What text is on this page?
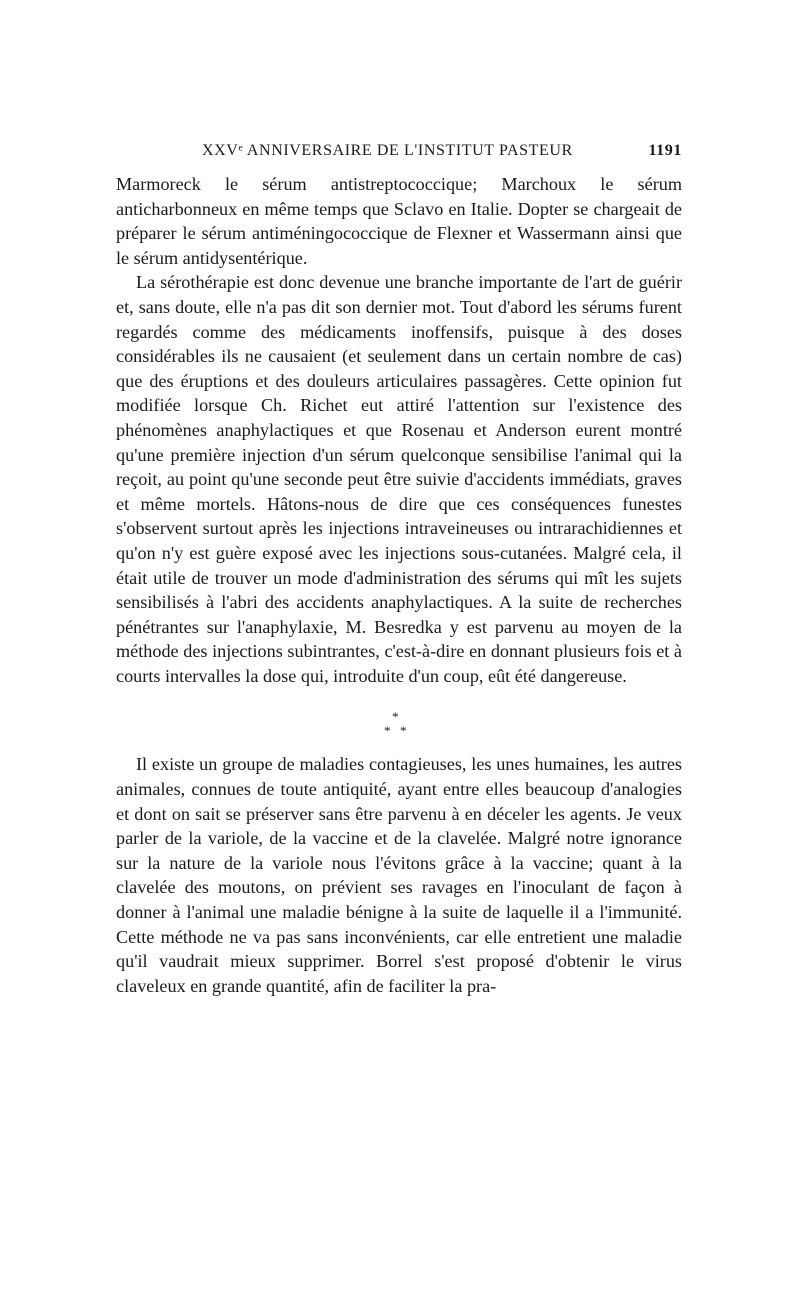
XXVᵉ ANNIVERSAIRE DE L'INSTITUT PASTEUR	1191

Marmoreck le sérum antistreptococcique; Marchoux le sérum anticharbonneux en même temps que Sclavo en Italie. Dopter se chargeait de préparer le sérum antiméningococcique de Flexner et Wassermann ainsi que le sérum antidysentérique.

La sérothérapie est donc devenue une branche importante de l'art de guérir et, sans doute, elle n'a pas dit son dernier mot. Tout d'abord les sérums furent regardés comme des médicaments inoffensifs, puisque à des doses considérables ils ne causaient (et seulement dans un certain nombre de cas) que des éruptions et des douleurs articulaires passagères. Cette opinion fut modifiée lorsque Ch. Richet eut attiré l'attention sur l'existence des phénomènes anaphylactiques et que Rosenau et Anderson eurent montré qu'une première injection d'un sérum quelconque sensibilise l'animal qui la reçoit, au point qu'une seconde peut être suivie d'accidents immédiats, graves et même mortels. Hâtons-nous de dire que ces conséquences funestes s'observent surtout après les injections intraveineuses ou intrarachidiennes et qu'on n'y est guère exposé avec les injections sous-cutanées. Malgré cela, il était utile de trouver un mode d'administration des sérums qui mît les sujets sensibilisés à l'abri des accidents anaphylactiques. A la suite de recherches pénétrantes sur l'anaphylaxie, M. Besredka y est parvenu au moyen de la méthode des injections subintrantes, c'est-à-dire en donnant plusieurs fois et à courts intervalles la dose qui, introduite d'un coup, eût été dangereuse.

*
* *

Il existe un groupe de maladies contagieuses, les unes humaines, les autres animales, connues de toute antiquité, ayant entre elles beaucoup d'analogies et dont on sait se préserver sans être parvenu à en déceler les agents. Je veux parler de la variole, de la vaccine et de la clavelée. Malgré notre ignorance sur la nature de la variole nous l'évitons grâce à la vaccine; quant à la clavelée des moutons, on prévient ses ravages en l'inoculant de façon à donner à l'animal une maladie bénigne à la suite de laquelle il a l'immunité. Cette méthode ne va pas sans inconvénients, car elle entretient une maladie qu'il vaudrait mieux supprimer. Borrel s'est proposé d'obtenir le virus claveleux en grande quantité, afin de faciliter la pra-
